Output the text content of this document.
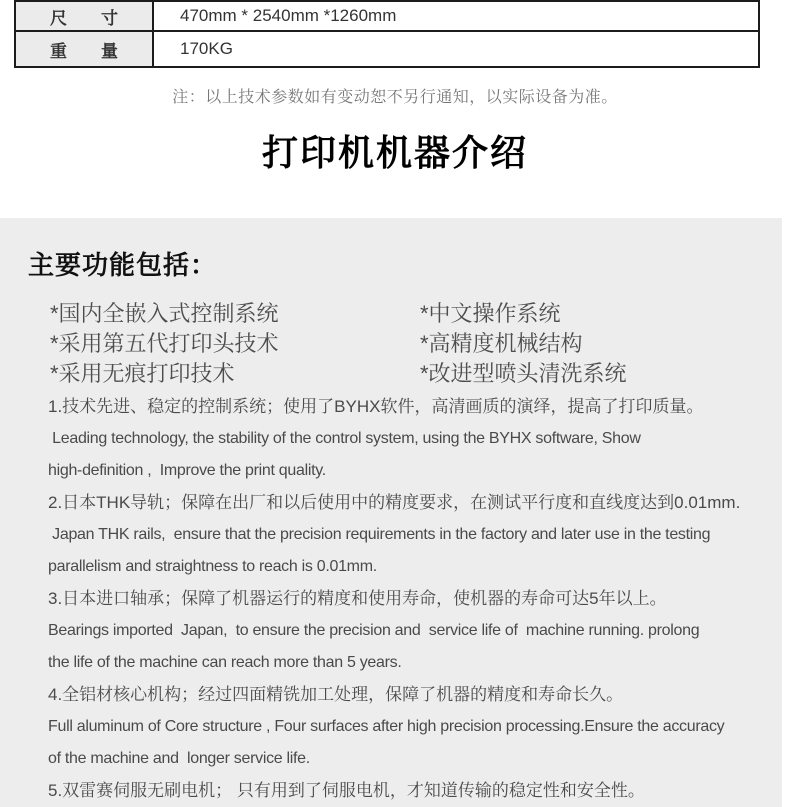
尺　　寸	470mm * 2540mm *1260mm
重　　量	170KG
注：以上技术参数如有变动恕不另行通知，以实际设备为准。
打印机机器介绍
主要功能包括：
*国内全嵌入式控制系统
*采用第五代打印头技术
*采用无痕打印技术
*中文操作系统
*高精度机械结构
*改进型喷头清洗系统
1.技术先进、稳定的控制系统；使用了BYHX软件，高清画质的演绎，提高了打印质量。
Leading technology, the stability of the control system, using the BYHX software, Show
high-definition ,  Improve the print quality.
2.日本THK导轨；保障在出厂和以后使用中的精度要求，在测试平行度和直线度达到0.01mm.
Japan THK rails,  ensure that the precision requirements in the factory and later use in the testing
parallelism and straightness to reach is 0.01mm.
3.日本进口轴承；保障了机器运行的精度和使用寿命，使机器的寿命可达5年以上。
Bearings imported  Japan,  to ensure the precision and  service life of  machine running. prolong
the life of the machine can reach more than 5 years.
4.全铝材核心机构；经过四面精铣加工处理，保障了机器的精度和寿命长久。
Full aluminum of Core structure , Four surfaces after high precision processing.Ensure the accuracy
of the machine and  longer service life.
5.双雷赛伺服无刷电机； 只有用到了伺服电机，才知道传输的稳定性和安全性。
